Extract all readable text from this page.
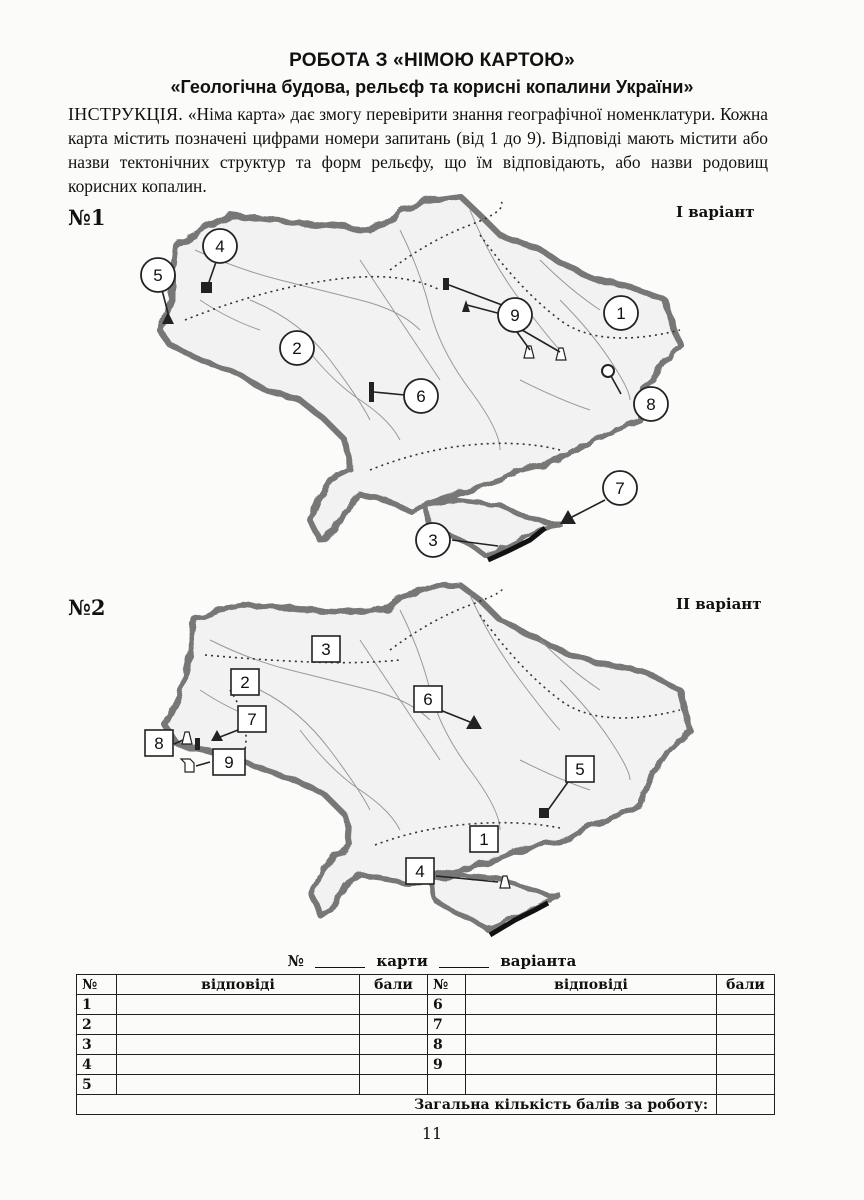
РОБОТА З «НІМОЮ КАРТОЮ»
«Геологічна будова, рельєф та корисні копалини України»
ІНСТРУКЦІЯ. «Німа карта» дає змогу перевірити знання географічної номенклатури. Кожна карта містить позначені цифрами номери запитань (від 1 до 9). Відповіді мають містити або назви тектонічних структур та форм рельєфу, що їм відповідають, або назви родовищ корисних копалин.
№1	І варіант
1
2
3
4
5
6
7
8
9
№2	ІІ варіант
1
2
3
4
5
6
7
8
9
№	карти	варіанта
№	відповіді	бали	№	відповіді	бали
1			6		
2			7		
3			8		
4			9		
5					
Загальна кількість балів за роботу:					
11
